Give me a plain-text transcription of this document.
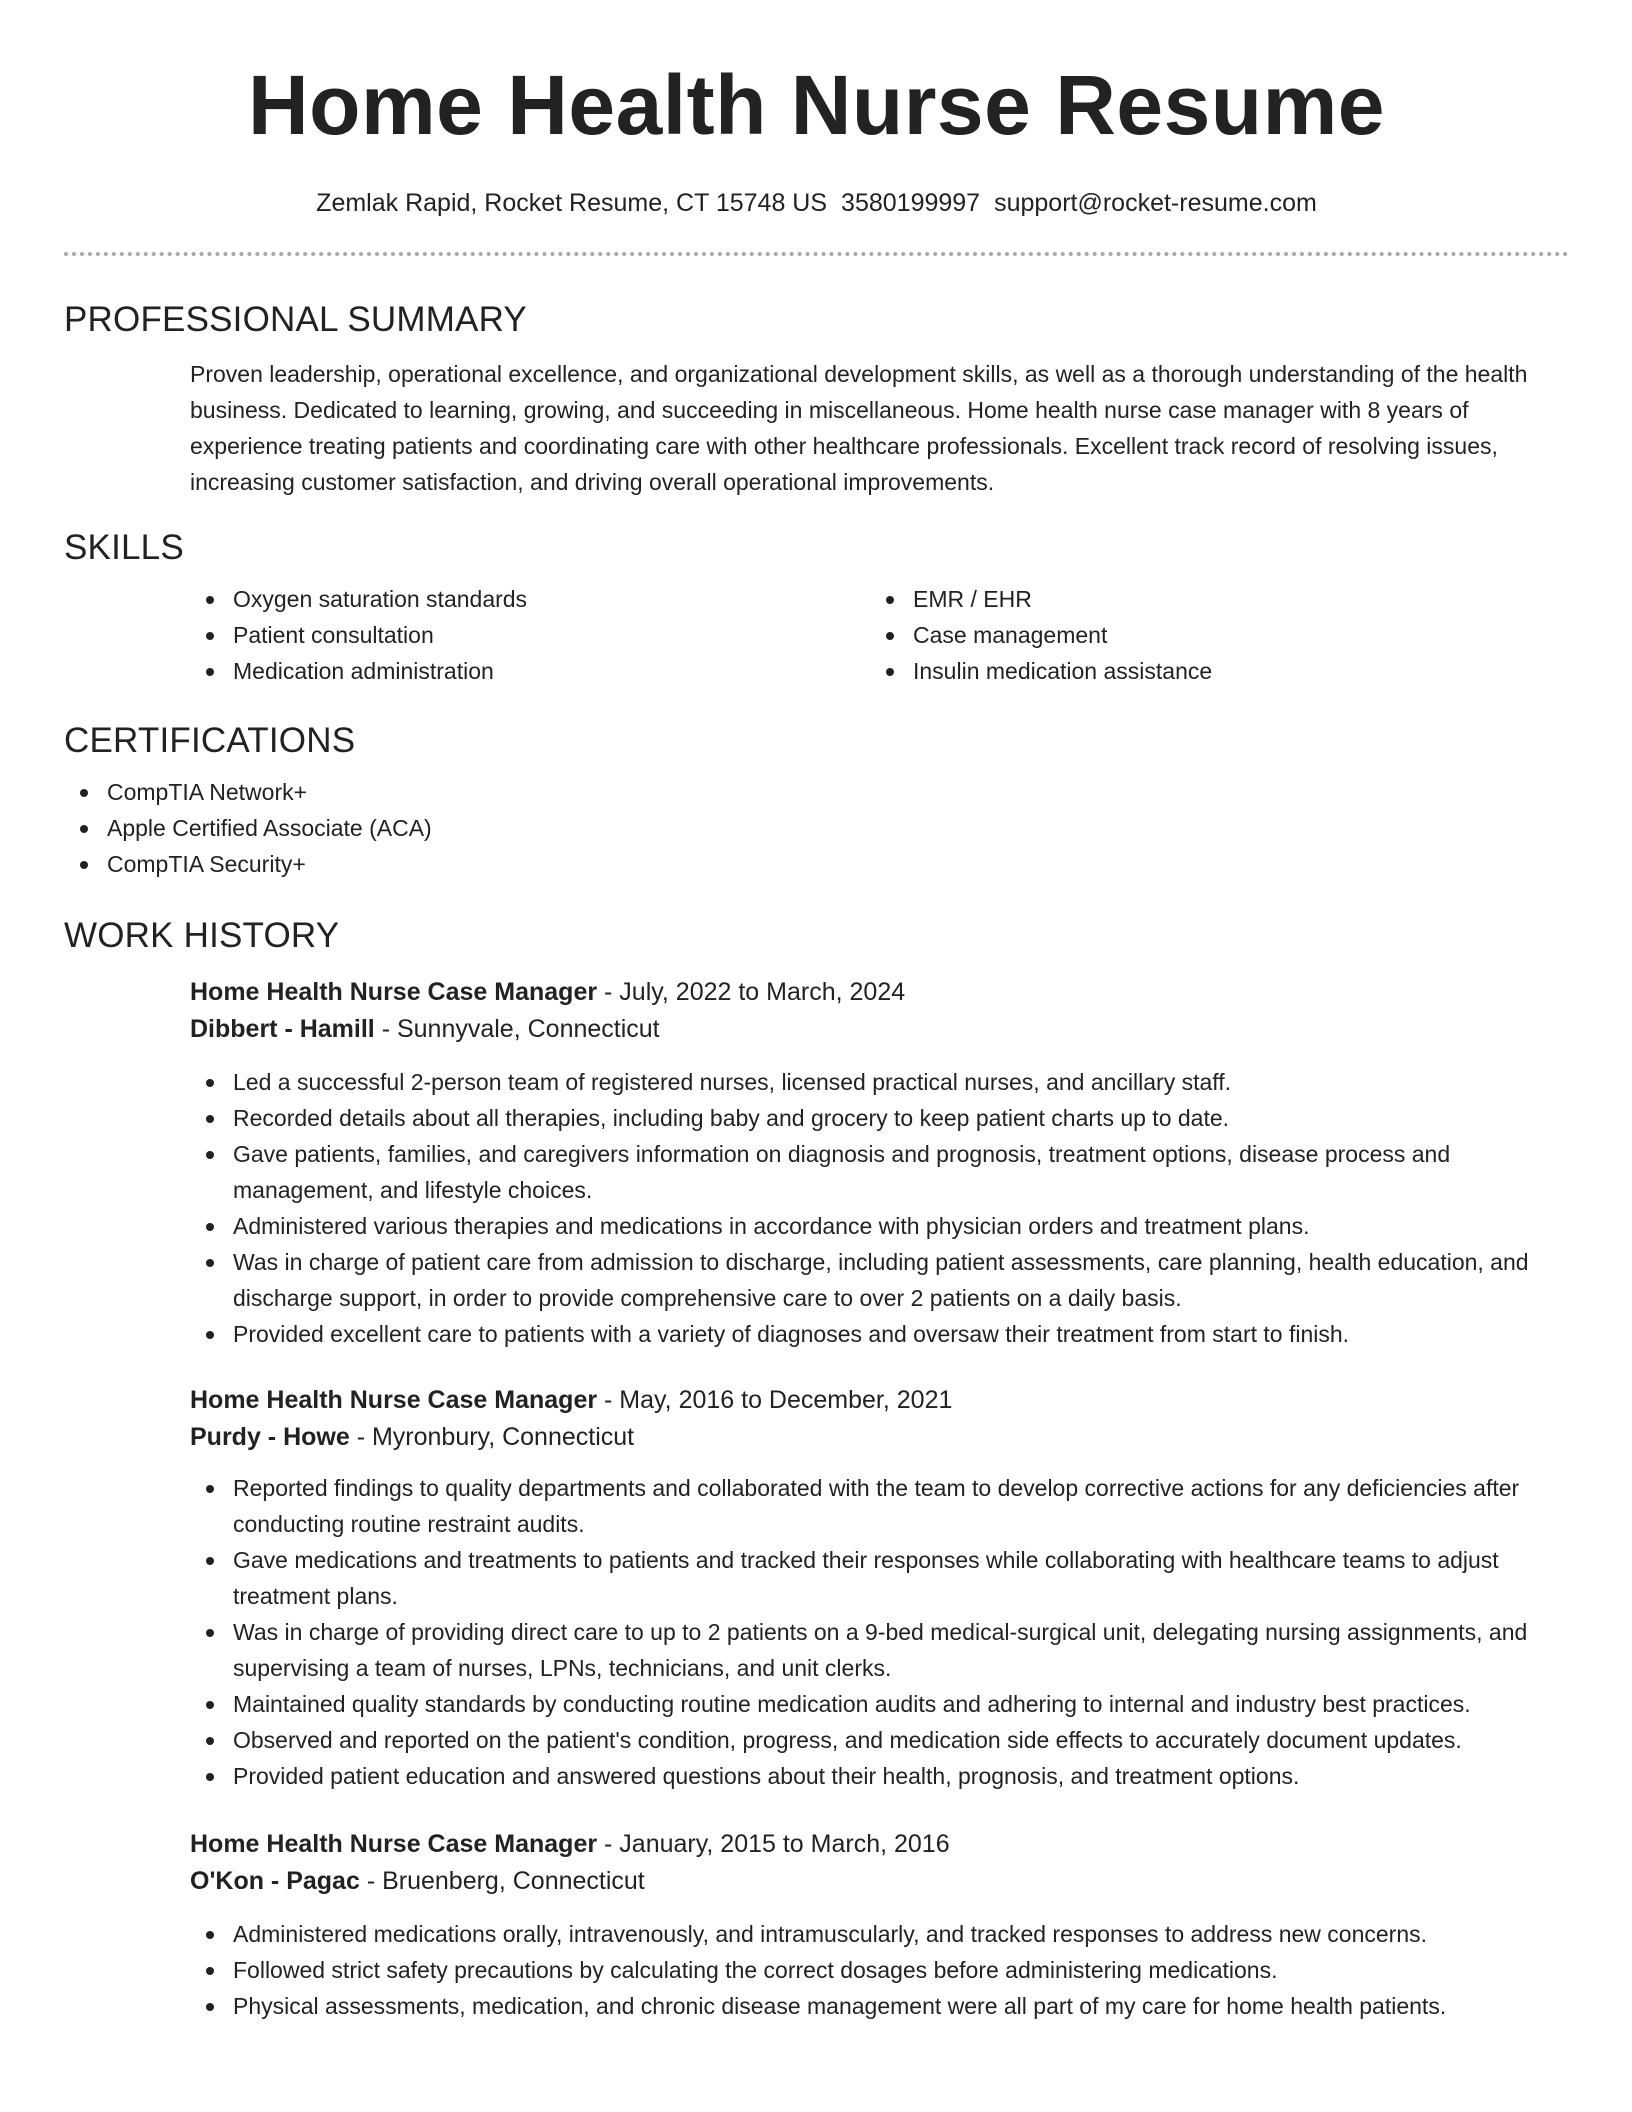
Home Health Nurse Resume
Zemlak Rapid, Rocket Resume, CT 15748 US 3580199997 support@rocket-resume.com
PROFESSIONAL SUMMARY

Proven leadership, operational excellence, and organizational development skills, as well as a thorough understanding of the health business. Dedicated to learning, growing, and succeeding in miscellaneous. Home health nurse case manager with 8 years of experience treating patients and coordinating care with other healthcare professionals. Excellent track record of resolving issues, increasing customer satisfaction, and driving overall operational improvements.

SKILLS
Oxygen saturation standards
Patient consultation
Medication administration
EMR / EHR
Case management
Insulin medication assistance
CERTIFICATIONS
CompTIA Network+
Apple Certified Associate (ACA)
CompTIA Security+
WORK HISTORY
Home Health Nurse Case Manager - July, 2022 to March, 2024
Dibbert - Hamill - Sunnyvale, Connecticut
Led a successful 2-person team of registered nurses, licensed practical nurses, and ancillary staff.
Recorded details about all therapies, including baby and grocery to keep patient charts up to date.
Gave patients, families, and caregivers information on diagnosis and prognosis, treatment options, disease process and management, and lifestyle choices.
Administered various therapies and medications in accordance with physician orders and treatment plans.
Was in charge of patient care from admission to discharge, including patient assessments, care planning, health education, and discharge support, in order to provide comprehensive care to over 2 patients on a daily basis.
Provided excellent care to patients with a variety of diagnoses and oversaw their treatment from start to finish.
Home Health Nurse Case Manager - May, 2016 to December, 2021
Purdy - Howe - Myronbury, Connecticut
Reported findings to quality departments and collaborated with the team to develop corrective actions for any deficiencies after conducting routine restraint audits.
Gave medications and treatments to patients and tracked their responses while collaborating with healthcare teams to adjust treatment plans.
Was in charge of providing direct care to up to 2 patients on a 9-bed medical-surgical unit, delegating nursing assignments, and supervising a team of nurses, LPNs, technicians, and unit clerks.
Maintained quality standards by conducting routine medication audits and adhering to internal and industry best practices.
Observed and reported on the patient's condition, progress, and medication side effects to accurately document updates.
Provided patient education and answered questions about their health, prognosis, and treatment options.
Home Health Nurse Case Manager - January, 2015 to March, 2016
O'Kon - Pagac - Bruenberg, Connecticut
Administered medications orally, intravenously, and intramuscularly, and tracked responses to address new concerns.
Followed strict safety precautions by calculating the correct dosages before administering medications.
Physical assessments, medication, and chronic disease management were all part of my care for home health patients.
